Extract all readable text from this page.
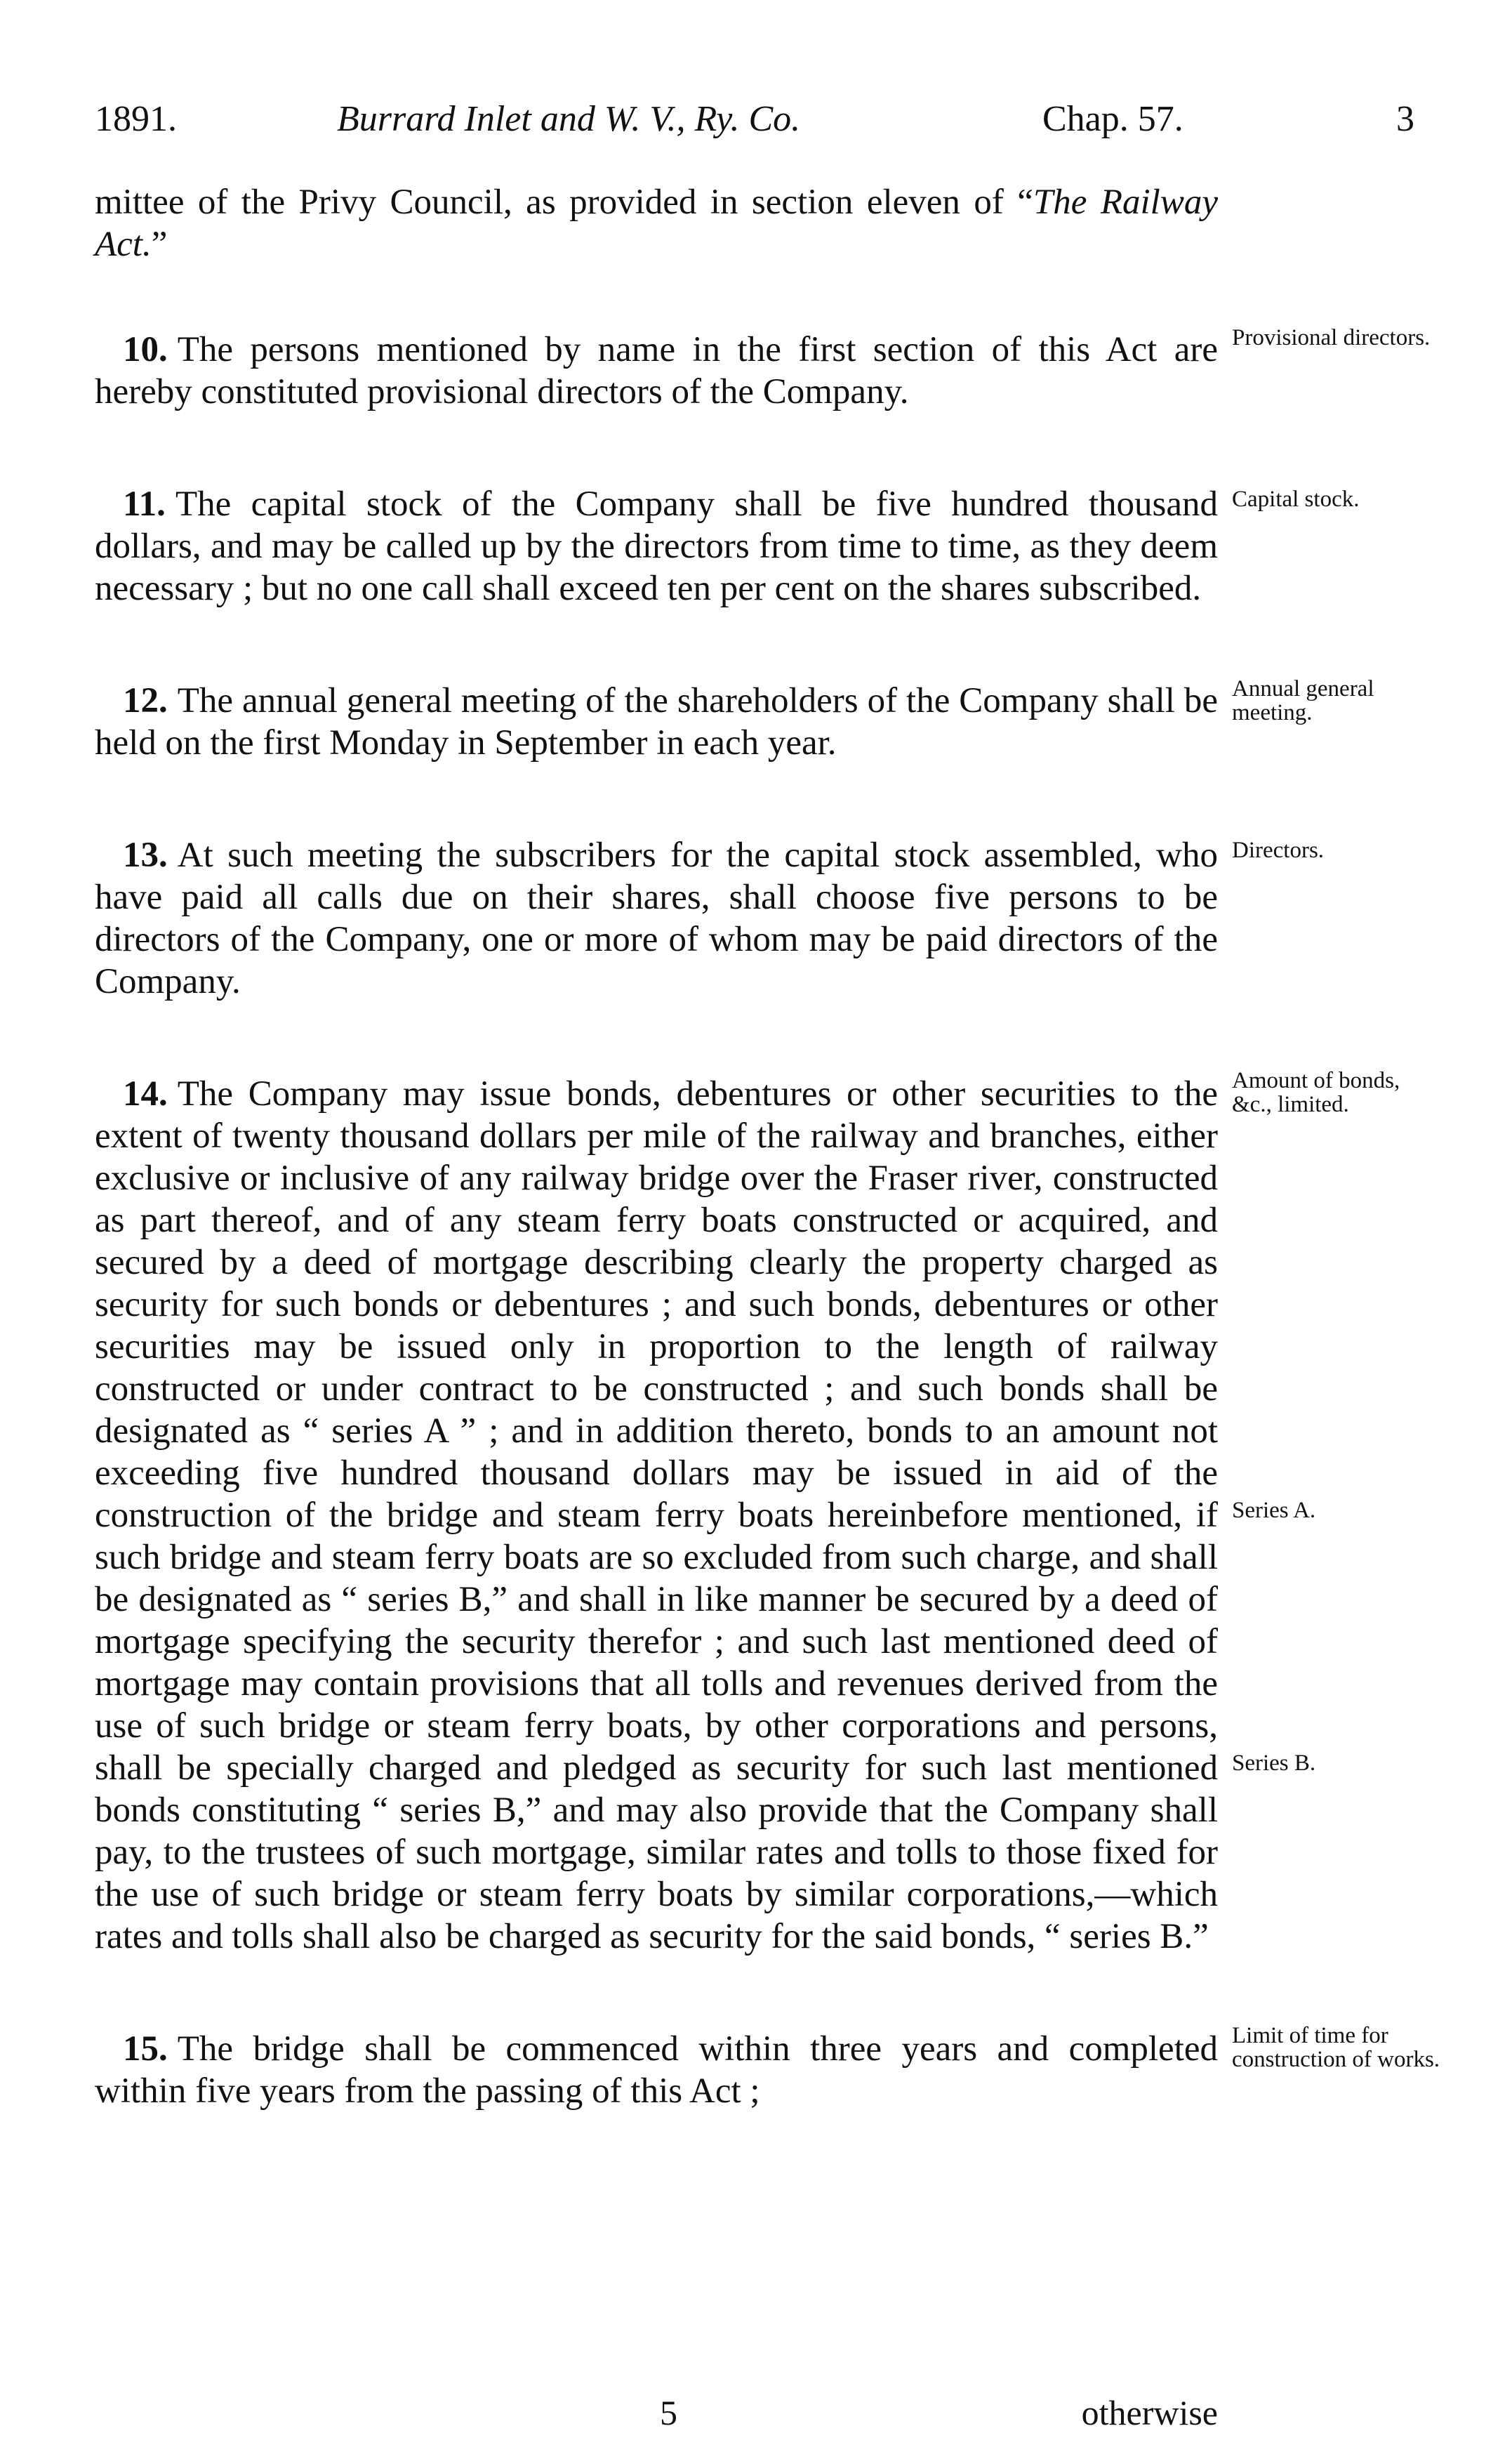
1891.	Burrard Inlet and W. V., Ry. Co.	Chap. 57.	3

mittee of the Privy Council, as provided in section eleven of “The Railway Act.”

10. The persons mentioned by name in the first section of this Act are hereby constituted provisional directors of the Company.
Provisional directors.

11. The capital stock of the Company shall be five hundred thousand dollars, and may be called up by the directors from time to time, as they deem necessary ; but no one call shall exceed ten per cent on the shares subscribed.
Capital stock.

12. The annual general meeting of the shareholders of the Company shall be held on the first Monday in September in each year.
Annual general meeting.

13. At such meeting the subscribers for the capital stock assembled, who have paid all calls due on their shares, shall choose five persons to be directors of the Company, one or more of whom may be paid directors of the Company.
Directors.

14. The Company may issue bonds, debentures or other securities to the extent of twenty thousand dollars per mile of the railway and branches, either exclusive or inclusive of any railway bridge over the Fraser river, constructed as part thereof, and of any steam ferry boats constructed or acquired, and secured by a deed of mortgage describing clearly the property charged as security for such bonds or debentures ; and such bonds, debentures or other securities may be issued only in proportion to the length of railway constructed or under contract to be constructed ; and such bonds shall be designated as “ series A ” ; and in addition thereto, bonds to an amount not exceeding five hundred thousand dollars may be issued in aid of the construction of the bridge and steam ferry boats hereinbefore mentioned, if such bridge and steam ferry boats are so excluded from such charge, and shall be designated as “ series B,” and shall in like manner be secured by a deed of mortgage specifying the security therefor ; and such last mentioned deed of mortgage may contain provisions that all tolls and revenues derived from the use of such bridge or steam ferry boats, by other corporations and persons, shall be specially charged and pledged as security for such last mentioned bonds constituting “ series B,” and may also provide that the Company shall pay, to the trustees of such mortgage, similar rates and tolls to those fixed for the use of such bridge or steam ferry boats by similar corporations,—which rates and tolls shall also be charged as security for the said bonds, “ series B.”
Amount of bonds, &c., limited.
Series A.
Series B.

15. The bridge shall be commenced within three years and completed within five years from the passing of this Act ;
Limit of time for construction of works.

5	otherwise
